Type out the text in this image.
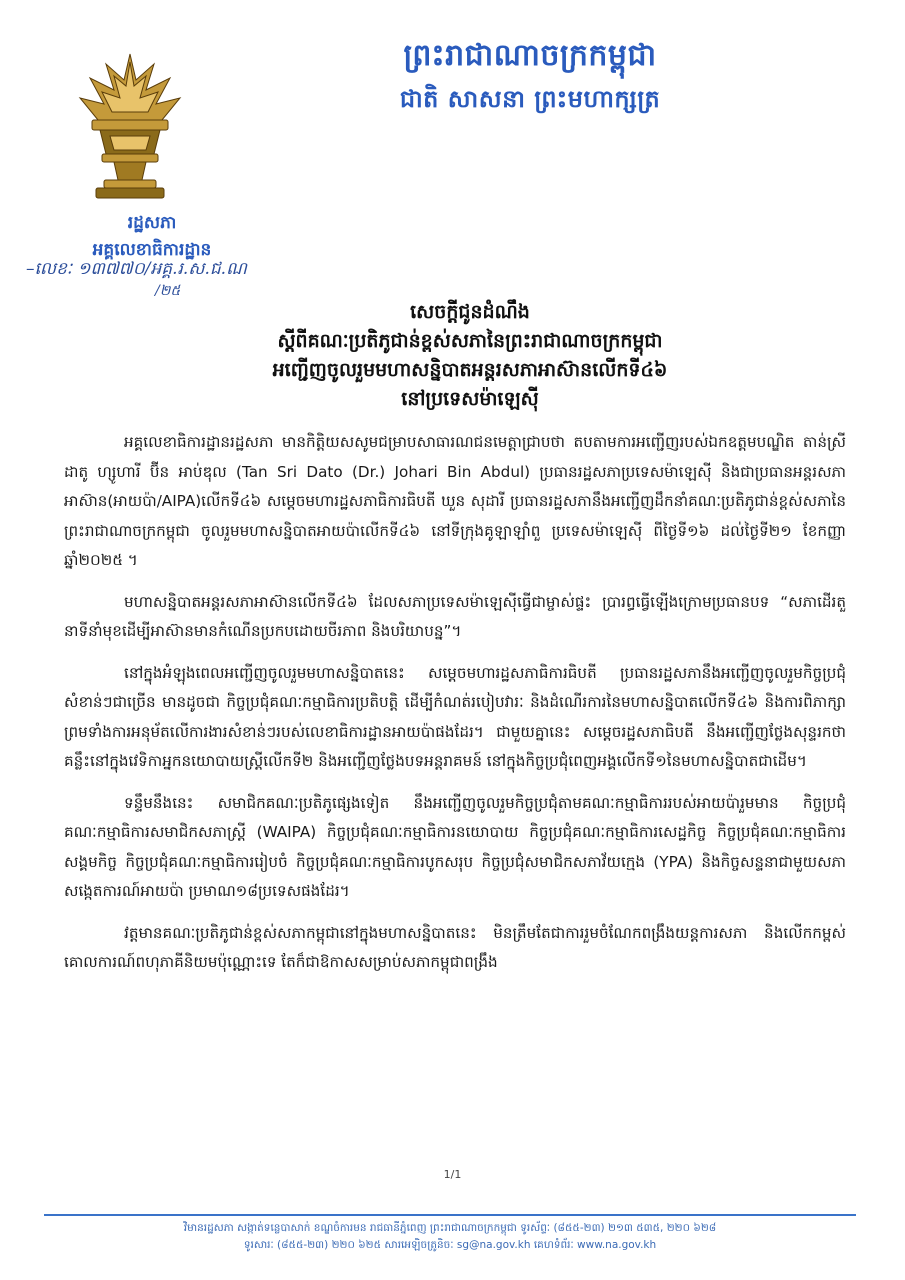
ព្រះរាជាណាចក្រកម្ពុជា
ជាតិ សាសនា ព្រះមហាក្សត្រ
រដ្ឋសភា
អគ្គលេខាធិការដ្ឋាន
–លេខៈ ១៣៧៧០/អគ្គ.រ.ស.ជ.ណ
/២៥
សេចក្ដីជូនដំណឹង
ស្ដីពីគណៈប្រតិភូជាន់ខ្ពស់សភានៃព្រះរាជាណាចក្រកម្ពុជា
អញ្ជើញចូលរួមមហាសន្និបាតអន្តរសភាអាស៊ានលើកទី៤៦
នៅប្រទេសម៉ាឡេស៊ី

អគ្គលេខាធិការដ្ឋានរដ្ឋសភា មានកិត្តិយសសូមជម្រាបសាធារណជនមេត្តាជ្រាបថា តបតាមការអញ្ជើញរបស់ឯកឧត្តមបណ្ឌិត តាន់ស្រី ដាតូ ហ្សូហារី ប៊ីន អាប់ឌុល (Tan Sri Dato (Dr.) Johari Bin Abdul) ប្រធានរដ្ឋសភាប្រទេសម៉ាឡេស៊ី និងជាប្រធានអន្តរសភាអាស៊ាន(អាយប៉ា/AIPA)លើកទី៤៦ សម្ដេចមហារដ្ឋសភាធិការធិបតី ឃួន សុដារី ប្រធានរដ្ឋសភានឹងអញ្ជើញដឹកនាំគណៈប្រតិភូជាន់ខ្ពស់សភានៃព្រះរាជាណាចក្រកម្ពុជា ចូលរួមមហាសន្និបាតអាយប៉ាលើកទី៤៦ នៅទីក្រុងគូឡាឡាំពួ ប្រទេសម៉ាឡេស៊ី ពីថ្ងៃទី១៦ ដល់ថ្ងៃទី២១ ខែកញ្ញា ឆ្នាំ២០២៥ ។

មហាសន្និបាតអន្តរសភាអាស៊ានលើកទី៤៦ ដែលសភាប្រទេសម៉ាឡេស៊ីធ្វើជាម្ចាស់ផ្ទះ ប្រារព្ធធ្វើឡើងក្រោមប្រធានបទ “សភាដើរតួនាទីនាំមុខដើម្បីអាស៊ានមានកំណើនប្រកបដោយចីរភាព និងបរិយាបន្ន”។

នៅក្នុងអំឡុងពេលអញ្ជើញចូលរួមមហាសន្និបាតនេះ សម្ដេចមហារដ្ឋសភាធិការធិបតី ប្រធានរដ្ឋសភានឹងអញ្ជើញចូលរួមកិច្ចប្រជុំសំខាន់ៗជាច្រើន មានដូចជា កិច្ចប្រជុំគណៈកម្មាធិការប្រតិបត្តិ ដើម្បីកំណត់របៀបវារៈ និងដំណើរការនៃមហាសន្និបាតលើកទី៤៦ និងការពិភាក្សា ព្រមទាំងការអនុម័តលើការងារសំខាន់ៗរបស់លេខាធិការដ្ឋានអាយប៉ាផងដែរ។ ជាមួយគ្នានេះ សម្ដេចរដ្ឋសភាធិបតី នឹងអញ្ជើញថ្លែងសុន្ទរកថាគន្លឹះនៅក្នុងវេទិកាអ្នកនយោបាយស្ត្រីលើកទី២ និងអញ្ជើញថ្លែងបទអន្តរាគមន៍ នៅក្នុងកិច្ចប្រជុំពេញអង្គលើកទី១នៃមហាសន្និបាតជាដើម។

ទន្ទឹមនឹងនេះ សមាជិកគណៈប្រតិភូផ្សេងទៀត នឹងអញ្ជើញចូលរួមកិច្ចប្រជុំតាមគណៈកម្មាធិការរបស់អាយប៉ារួមមាន កិច្ចប្រជុំគណៈកម្មាធិការសមាជិកសភាស្ត្រី (WAIPA) កិច្ចប្រជុំគណៈកម្មាធិការនយោបាយ កិច្ចប្រជុំគណៈកម្មាធិការសេដ្ឋកិច្ច កិច្ចប្រជុំគណៈកម្មាធិការសង្គមកិច្ច កិច្ចប្រជុំគណៈកម្មាធិការរៀបចំ កិច្ចប្រជុំគណៈកម្មាធិការបូកសរុប កិច្ចប្រជុំសមាជិកសភាវ័យក្មេង (YPA) និងកិច្ចសន្ទនាជាមួយសភាសង្កេតការណ៍អាយប៉ា ប្រមាណ១៨ប្រទេសផងដែរ។

វត្តមានគណៈប្រតិភូជាន់ខ្ពស់សភាកម្ពុជានៅក្នុងមហាសន្និបាតនេះ មិនត្រឹមតែជាការរួមចំណែកពង្រឹងយន្តការសភា និងលើកកម្ពស់គោលការណ៍ពហុភាគីនិយមប៉ុណ្ណោះទេ តែក៏ជាឱកាសសម្រាប់សភាកម្ពុជាពង្រឹង

1/1
វិមានរដ្ឋសភា សង្កាត់ទន្លេបាសាក់ ខណ្ឌចំការមន រាជធានីភ្នំពេញ ព្រះរាជាណាចក្រកម្ពុជា ទូរស័ព្ទៈ (៨៥៥-២៣) ២១៣ ៥៣៥, ២២០ ៦២៨
ទូរសារៈ (៨៥៥-២៣) ២២០ ៦២៥ សារអេឡិចត្រូនិចៈ sg@na.gov.kh គេហទំព័រៈ www.na.gov.kh
